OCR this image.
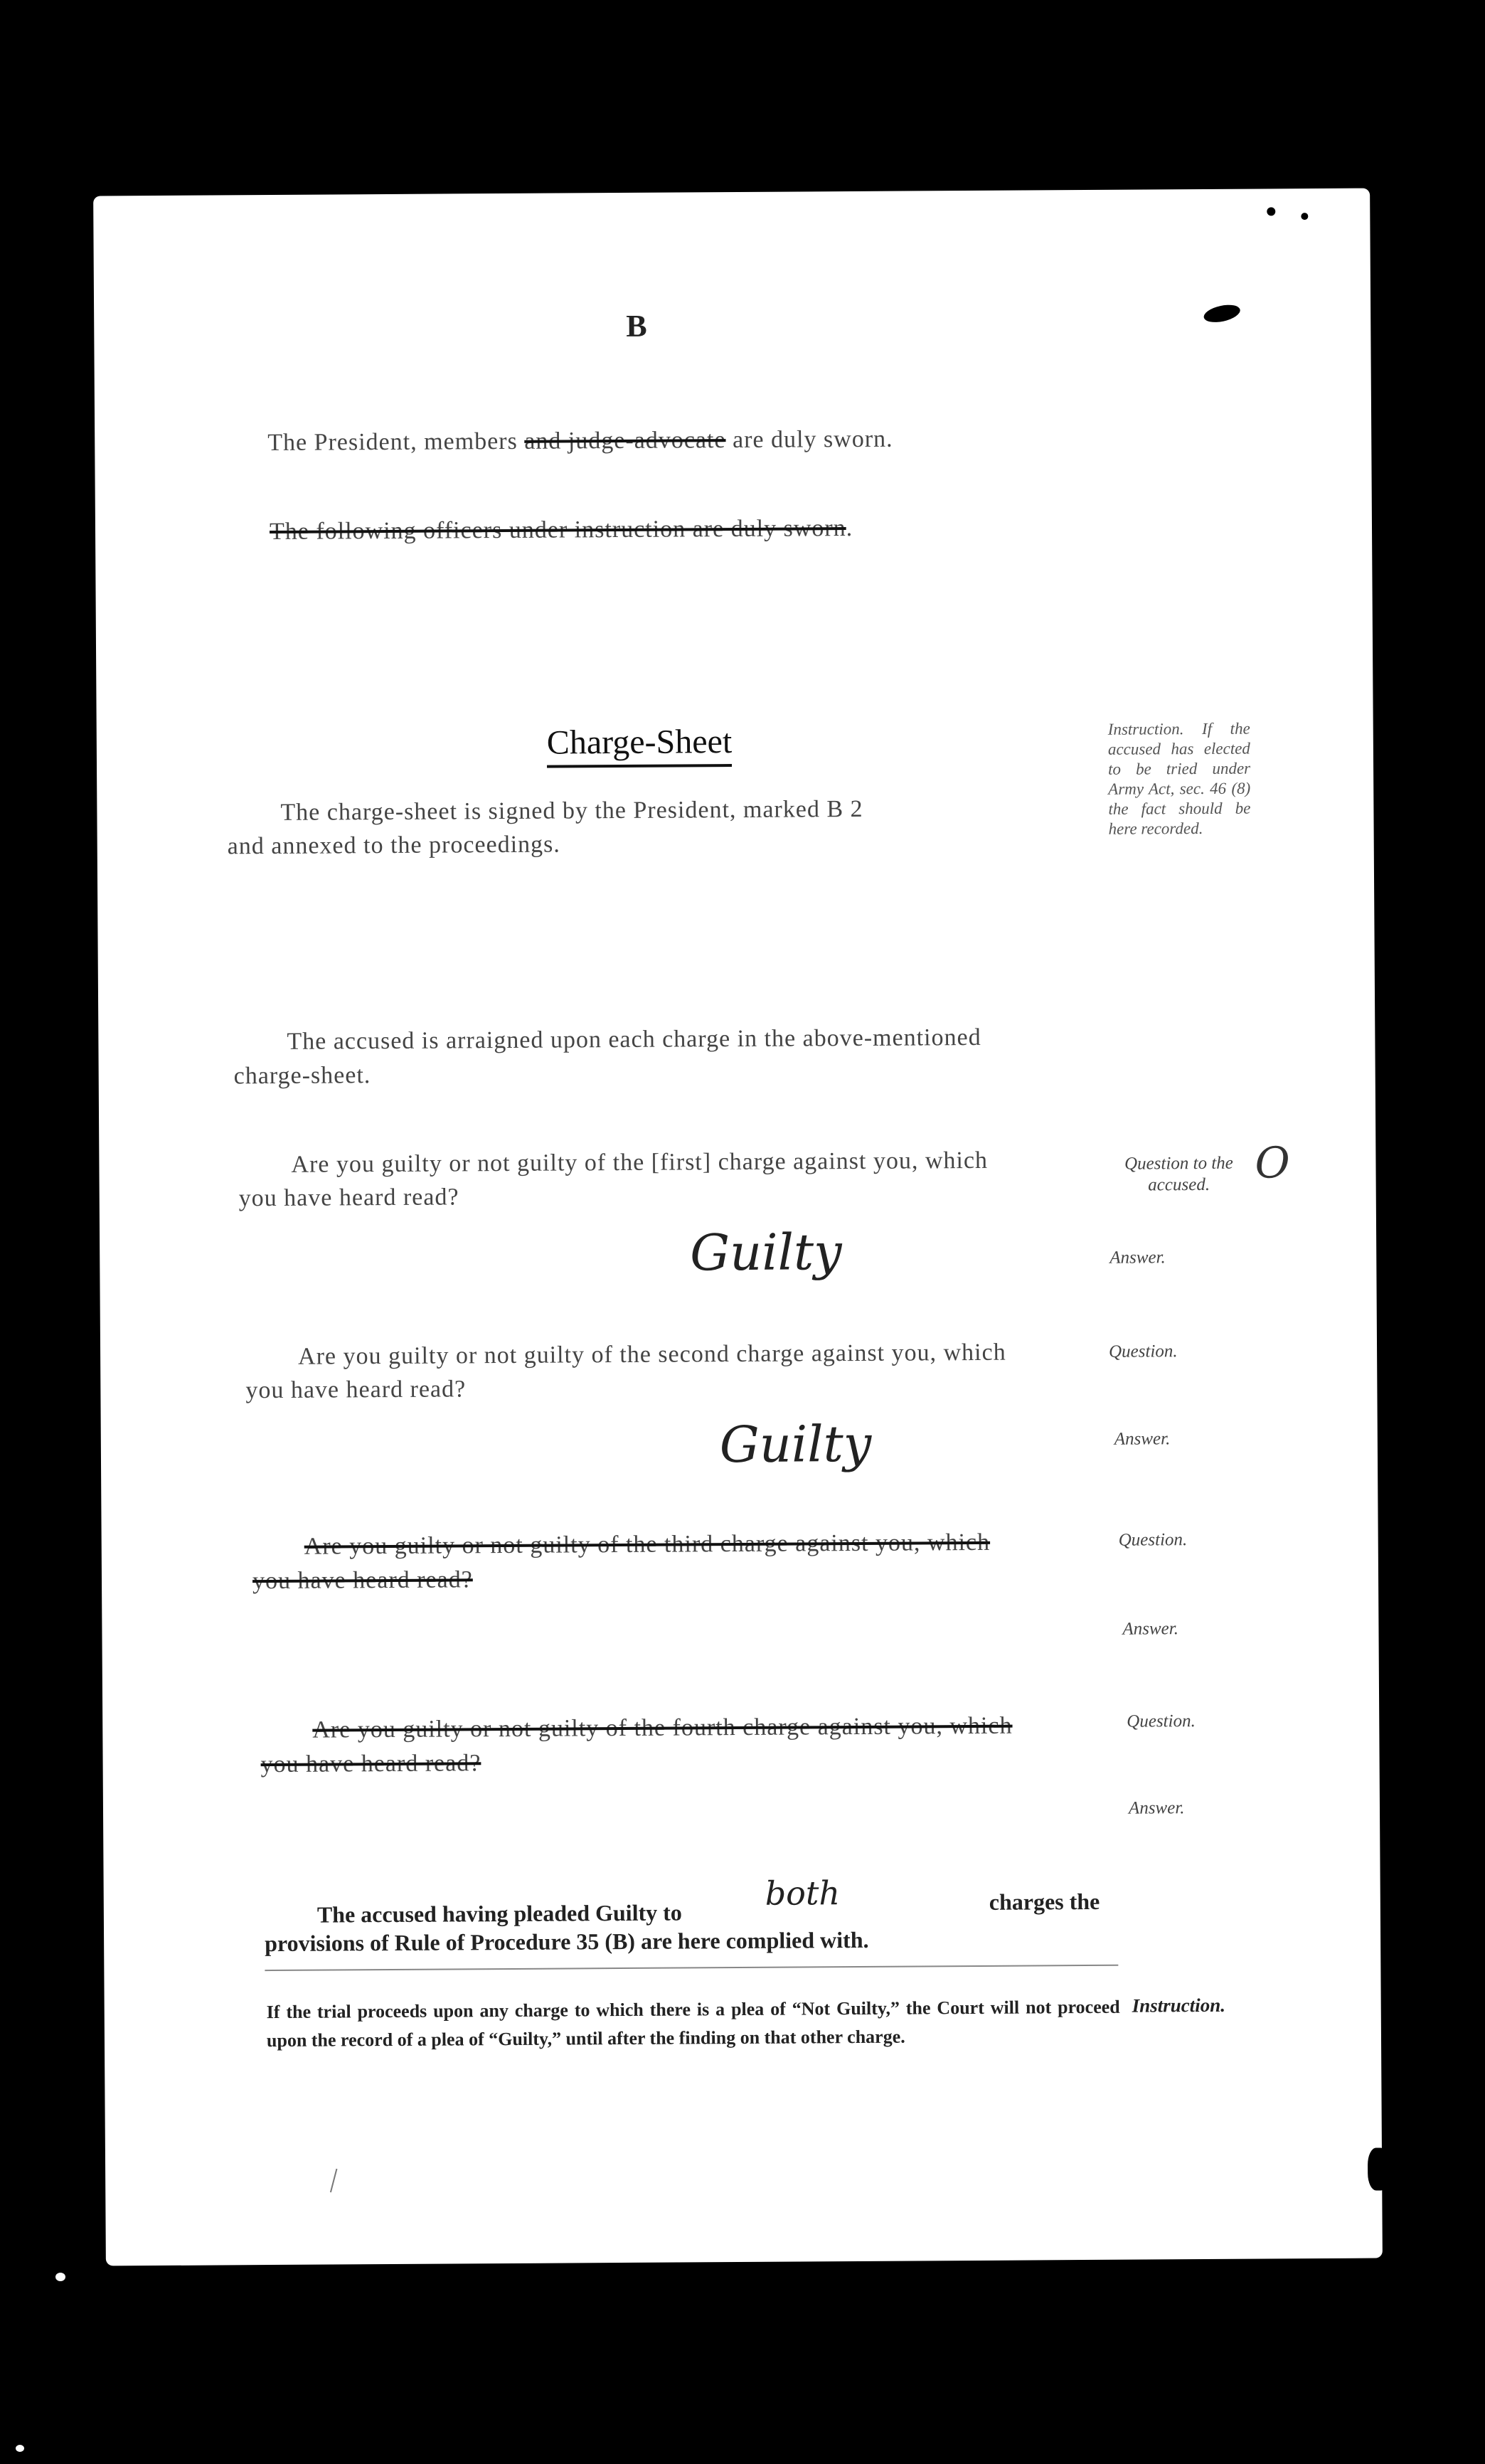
B
The President, members and judge-advocate are duly sworn.
The following officers under instruction are duly sworn.
Charge-Sheet
The charge-sheet is signed by the President, marked B 2
and annexed to the proceedings.
Instruction. If the accused has elected to be tried under Army Act, sec. 46 (8) the fact should be here recorded.
The accused is arraigned upon each charge in the above-mentioned
charge-sheet.
Are you guilty or not guilty of the [first] charge against you, which
you have heard read?
Question to the accused.	O
Guilty	Answer.
Are you guilty or not guilty of the second charge against you, which
you have heard read?
Question.
Guilty	Answer.
Are you guilty or not guilty of the third charge against you, which
you have heard read?
Question.
Answer.
Are you guilty or not guilty of the fourth charge against you, which
you have heard read?
Question.
Answer.
The accused having pleaded Guilty to
both	charges the
provisions of Rule of Procedure 35 (B) are here complied with.
If the trial proceeds upon any charge to which there is a plea of “Not Guilty,” the Court will not proceed upon the record of a plea of “Guilty,” until after the finding on that other charge.
Instruction.
